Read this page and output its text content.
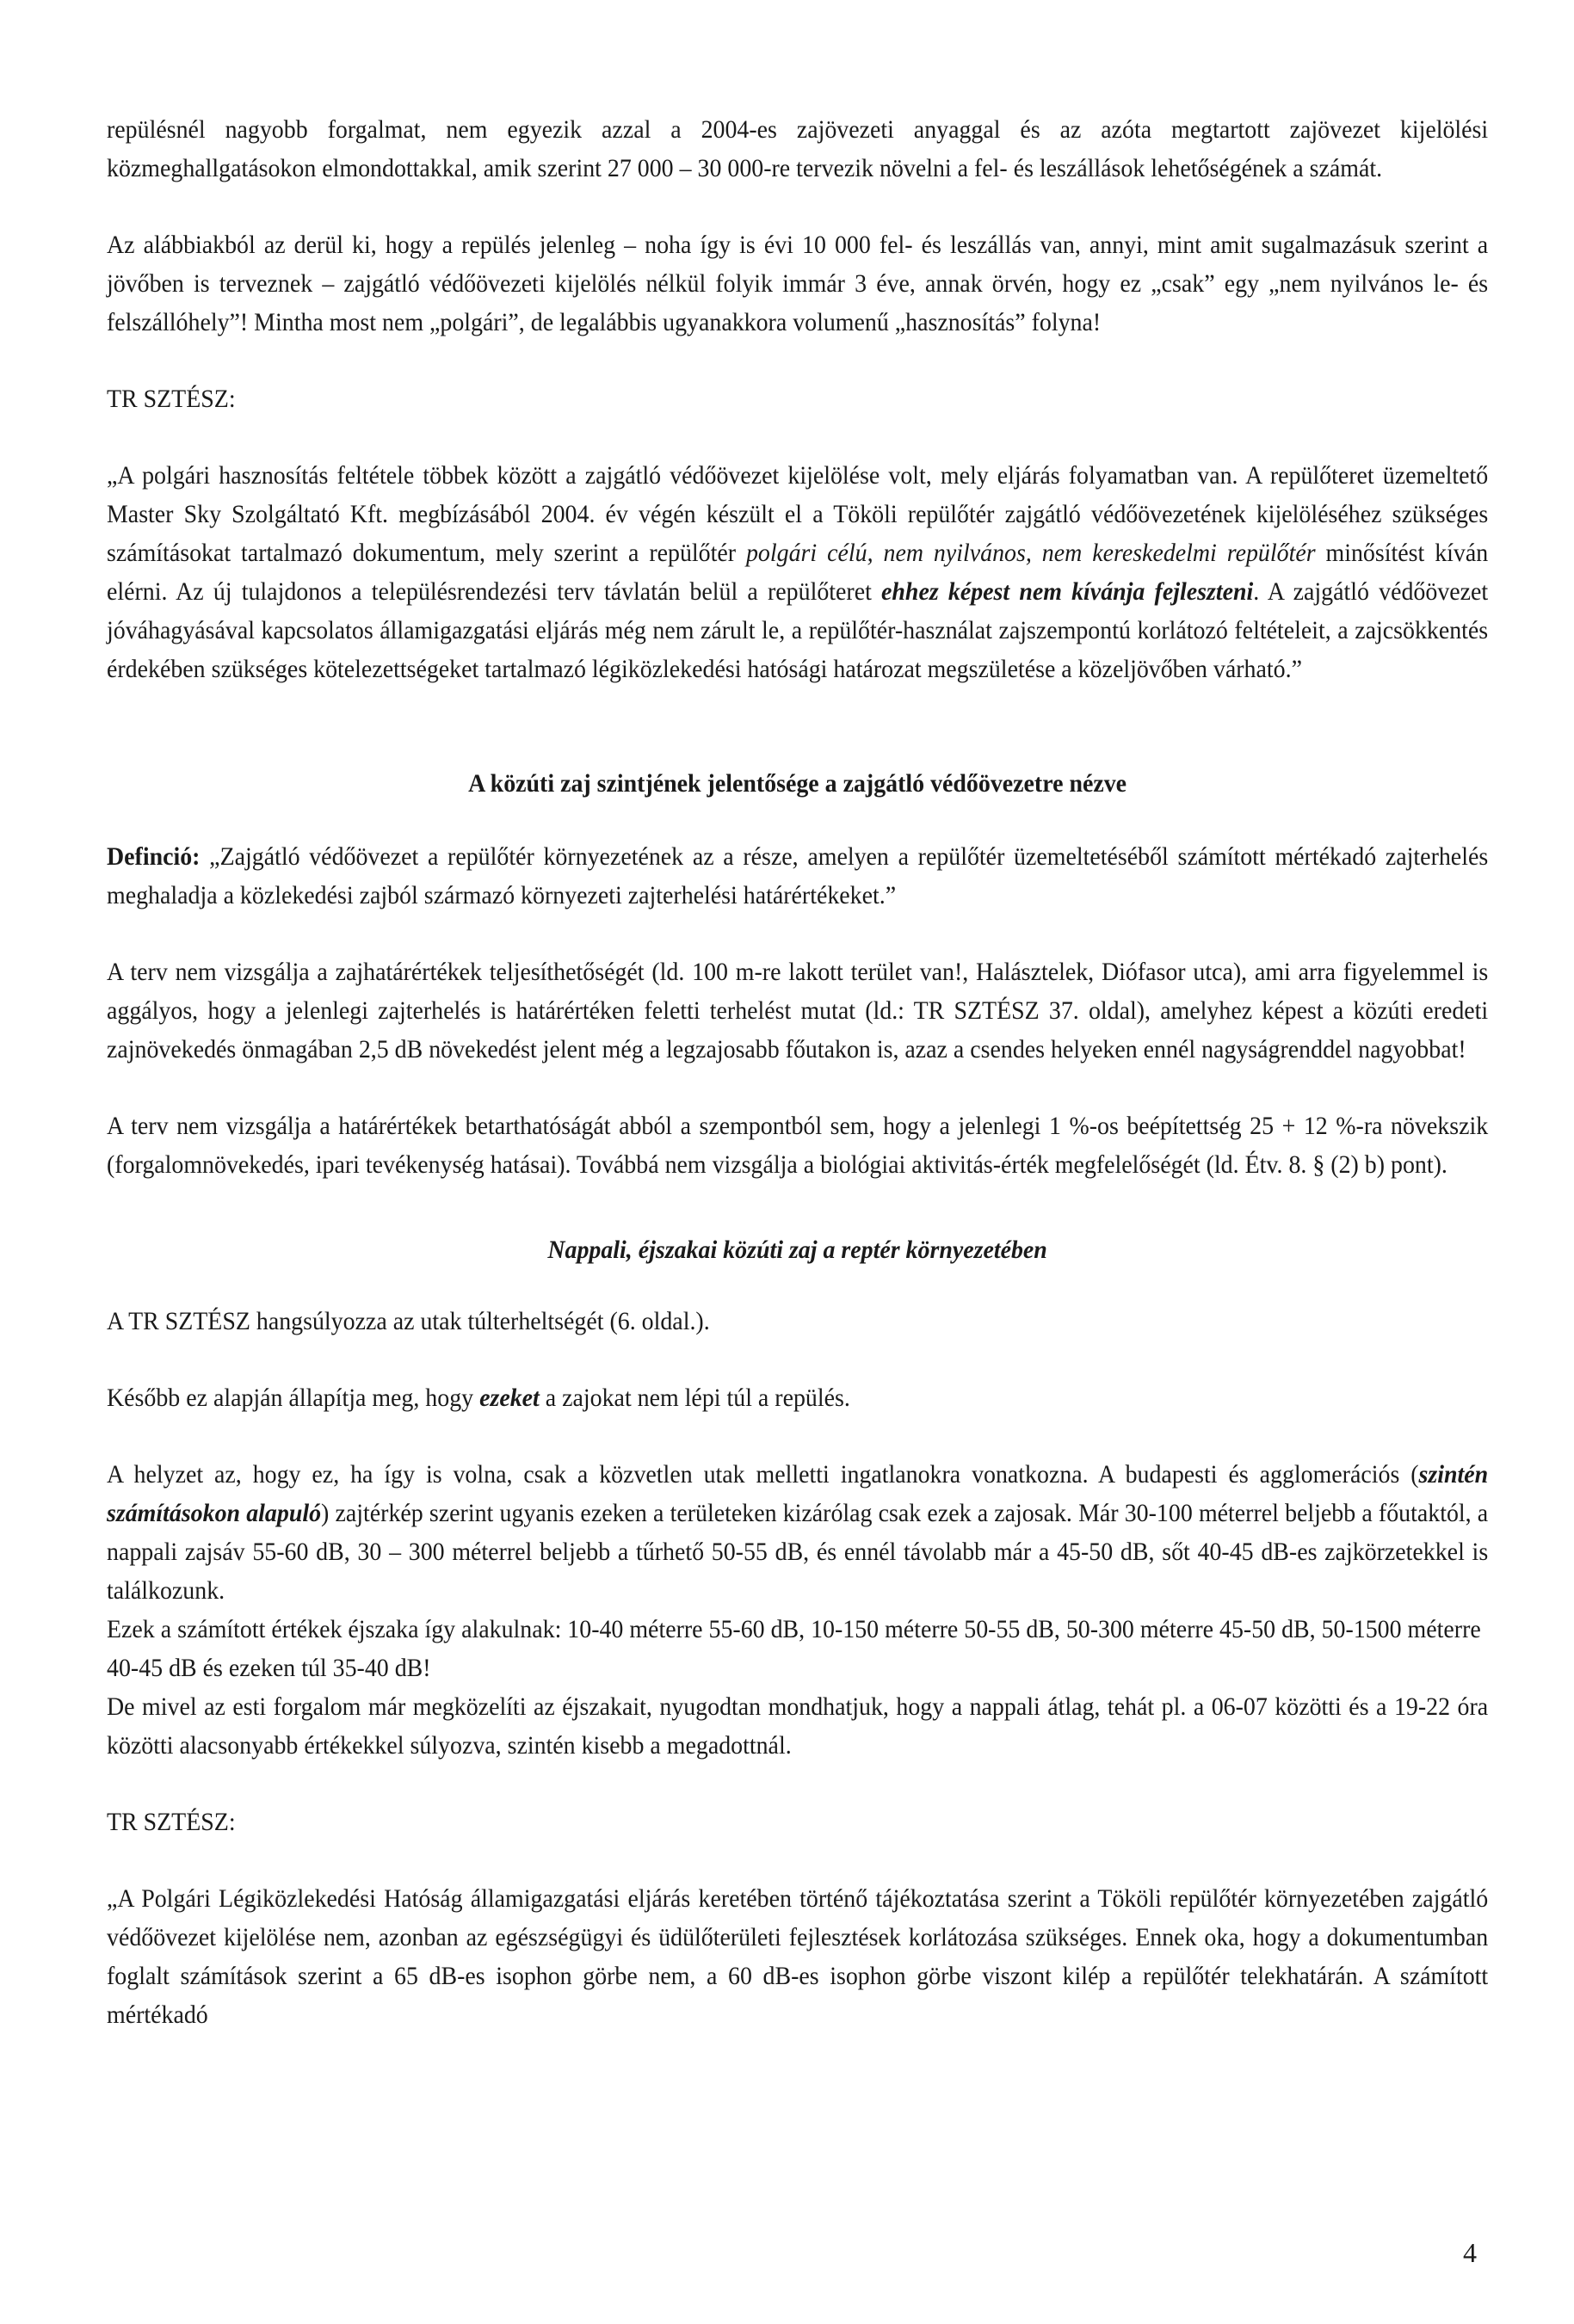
repülésnél nagyobb forgalmat, nem egyezik azzal a 2004-es zajövezeti anyaggal és az azóta megtartott zajövezet kijelölési közmeghallgatásokon elmondottakkal, amik szerint 27 000 – 30 000-re tervezik növelni a fel- és leszállások lehetőségének a számát.

Az alábbiakból az derül ki, hogy a repülés jelenleg – noha így is évi 10 000 fel- és leszállás van, annyi, mint amit sugalmazásuk szerint a jövőben is terveznek – zajgátló védőövezeti kijelölés nélkül folyik immár 3 éve, annak örvén, hogy ez „csak” egy „nem nyilvános le- és felszállóhely”! Mintha most nem „polgári”, de legalábbis ugyanakkora volumenű „hasznosítás” folyna!

TR SZTÉSZ:

„A polgári hasznosítás feltétele többek között a zajgátló védőövezet kijelölése volt, mely eljárás folyamatban van. A repülőteret üzemeltető Master Sky Szolgáltató Kft. megbízásából 2004. év végén készült el a Tököli repülőtér zajgátló védőövezetének kijelöléséhez szükséges számításokat tartalmazó dokumentum, mely szerint a repülőtér polgári célú, nem nyilvános, nem kereskedelmi repülőtér minősítést kíván elérni. Az új tulajdonos a településrendezési terv távlatán belül a repülőteret ehhez képest nem kívánja fejleszteni. A zajgátló védőövezet jóváhagyásával kapcsolatos államigazgatási eljárás még nem zárult le, a repülőtér-használat zajszempontú korlátozó feltételeit, a zajcsökkentés érdekében szükséges kötelezettségeket tartalmazó légiközlekedési hatósági határozat megszületése a közeljövőben várható.”

A közúti zaj szintjének jelentősége a zajgátló védőövezetre nézve

Definció: „Zajgátló védőövezet a repülőtér környezetének az a része, amelyen a repülőtér üzemeltetéséből számított mértékadó zajterhelés meghaladja a közlekedési zajból származó környezeti zajterhelési határértékeket.”

A terv nem vizsgálja a zajhatárértékek teljesíthetőségét (ld. 100 m-re lakott terület van!, Halásztelek, Diófasor utca), ami arra figyelemmel is aggályos, hogy a jelenlegi zajterhelés is határértéken feletti terhelést mutat (ld.: TR SZTÉSZ 37. oldal), amelyhez képest a közúti eredeti zajnövekedés önmagában 2,5 dB növekedést jelent még a legzajosabb főutakon is, azaz a csendes helyeken ennél nagyságrenddel nagyobbat!

A terv nem vizsgálja a határértékek betarthatóságát abból a szempontból sem, hogy a jelenlegi 1 %-os beépítettség 25 + 12 %-ra növekszik (forgalomnövekedés, ipari tevékenység hatásai). Továbbá nem vizsgálja a biológiai aktivitás-érték megfelelőségét (ld. Étv. 8. § (2) b) pont).

Nappali, éjszakai közúti zaj a reptér környezetében

A TR SZTÉSZ hangsúlyozza az utak túlterheltségét (6. oldal.).

Később ez alapján állapítja meg, hogy ezeket a zajokat nem lépi túl a repülés.

A helyzet az, hogy ez, ha így is volna, csak a közvetlen utak melletti ingatlanokra vonatkozna. A budapesti és agglomerációs (szintén számításokon alapuló) zajtérkép szerint ugyanis ezeken a területeken kizárólag csak ezek a zajosak. Már 30-100 méterrel beljebb a főutaktól, a nappali zajsáv 55-60 dB, 30 – 300 méterrel beljebb a tűrhető 50-55 dB, és ennél távolabb már a 45-50 dB, sőt 40-45 dB-es zajkörzetekkel is találkozunk.

Ezek a számított értékek éjszaka így alakulnak: 10-40 méterre 55-60 dB, 10-150 méterre 50-55 dB, 50-300 méterre 45-50 dB, 50-1500 méterre 40-45 dB és ezeken túl 35-40 dB!

De mivel az esti forgalom már megközelíti az éjszakait, nyugodtan mondhatjuk, hogy a nappali átlag, tehát pl. a 06-07 közötti és a 19-22 óra közötti alacsonyabb értékekkel súlyozva, szintén kisebb a megadottnál.

TR SZTÉSZ:

„A Polgári Légiközlekedési Hatóság államigazgatási eljárás keretében történő tájékoztatása szerint a Tököli repülőtér környezetében zajgátló védőövezet kijelölése nem, azonban az egészségügyi és üdülőterületi fejlesztések korlátozása szükséges. Ennek oka, hogy a dokumentumban foglalt számítások szerint a 65 dB-es isophon görbe nem, a 60 dB-es isophon görbe viszont kilép a repülőtér telekhatárán. A számított mértékadó

4
